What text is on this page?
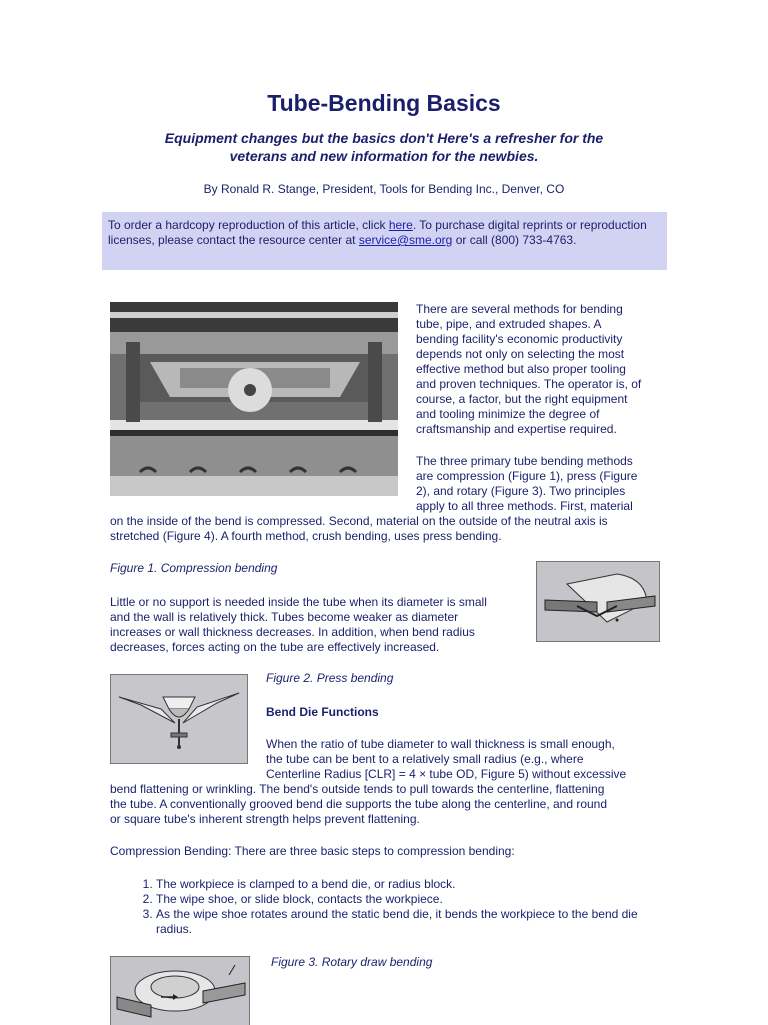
Tube-Bending Basics
Equipment changes but the basics don't Here's a refresher for the
veterans and new information for the newbies.
By Ronald R. Stange, President, Tools for Bending Inc., Denver, CO
To order a hardcopy reproduction of this article, click here. To purchase digital reprints or reproduction licenses, please contact the resource center at service@sme.org or call (800) 733-4763.
There are several methods for bending
tube, pipe, and extruded shapes. A
bending facility's economic productivity
depends not only on selecting the most
effective method but also proper tooling
and proven techniques. The operator is, of
course, a factor, but the right equipment
and tooling minimize the degree of
craftsmanship and expertise required.
The three primary tube bending methods
are compression (Figure 1), press (Figure
2), and rotary (Figure 3). Two principles
apply to all three methods. First, material
on the inside of the bend is compressed. Second, material on the outside of the neutral axis is
stretched (Figure 4). A fourth method, crush bending, uses press bending.
Figure 1. Compression bending
Little or no support is needed inside the tube when its diameter is small
and the wall is relatively thick. Tubes become weaker as diameter
increases or wall thickness decreases. In addition, when bend radius
decreases, forces acting on the tube are effectively increased.
Figure 2. Press bending
Bend Die Functions
When the ratio of tube diameter to wall thickness is small enough,
the tube can be bent to a relatively small radius (e.g., where
Centerline Radius [CLR] = 4 × tube OD, Figure 5) without excessive
bend flattening or wrinkling. The bend's outside tends to pull towards the centerline, flattening
the tube. A conventionally grooved bend die supports the tube along the centerline, and round
or square tube's inherent strength helps prevent flattening.
Compression Bending: There are three basic steps to compression bending:
1. The workpiece is clamped to a bend die, or radius block.
2. The wipe shoe, or slide block, contacts the workpiece.
3. As the wipe shoe rotates around the static bend die, it bends the workpiece to the bend die radius.
Figure 3. Rotary draw bending
